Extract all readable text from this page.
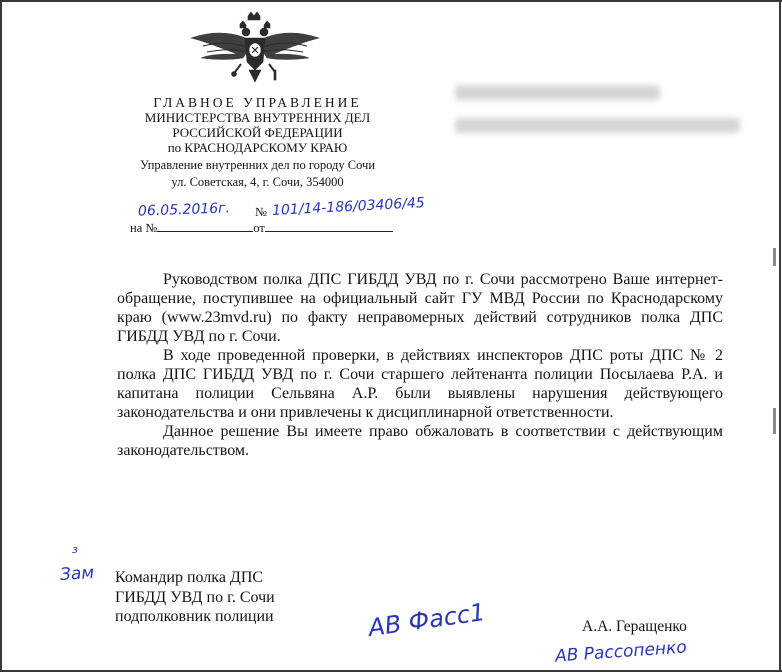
ГЛАВНОЕ УПРАВЛЕНИЕ
МИНИСТЕРСТВА ВНУТРЕННИХ ДЕЛ
РОССИЙСКОЙ ФЕДЕРАЦИИ
по КРАСНОДАРСКОМУ КРАЮ
Управление внутренних дел по городу Сочи
ул. Советская, 4, г. Сочи, 354000
06.05.2016г. № 101/14-186/03406/45
на №	от

Руководством полка ДПС ГИБДД УВД по г. Сочи рассмотрено Ваше интернет-обращение, поступившее на официальный сайт ГУ МВД России по Краснодарскому краю (www.23mvd.ru) по факту неправомерных действий сотрудников полка ДПС ГИБДД УВД по г. Сочи.

В ходе проведенной проверки, в действиях инспекторов ДПС роты ДПС № 2 полка ДПС ГИБДД УВД по г. Сочи старшего лейтенанта полиции Посылаева Р.А. и капитана полиции Сельвяна А.Р. были выявлены нарушения действующего законодательства и они привлечены к дисциплинарной ответственности.

Данное решение Вы имеете право обжаловать в соответствии с действующим законодательством.

з
Зам Командир полка ДПС
ГИБДД УВД по г. Сочи
подполковник полиции	АВ Фасс1	А.А. Геращенко
АВ Рассопенко
